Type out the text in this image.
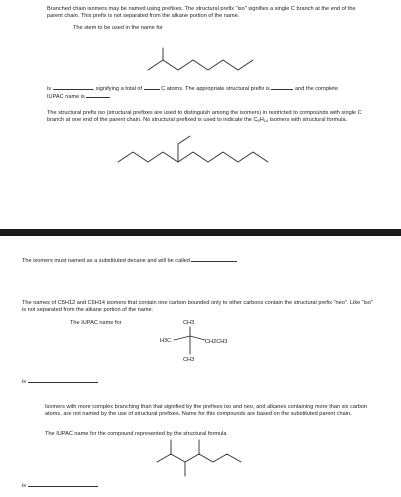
Branched chain isomers may be named using prefixes. The structural prefix "iso" signifies a single C branch at the end of the parent chain. This prefix is not separated from the alkane portion of the name.
The stem to be used in the name for
is	, signifying a total of	C atoms. The appropriate structural prefix is	and the complete
IUPAC name is
The structural prefix iso (structural prefixes are used to distinguish among the isomers) in restricted to compounds with single C branch at one end of the parent chain. No structural prefixed is used to indicate the $C_6H_{14}$ isomers with structural formula.
The isomers must named as a substituted decane and will be called
The names of C5H12 and C6H14 isomers that contain one carbon bounded only to other carbons contain the structural prefix "neo". Like "iso" is not separated from the alkane portion of the name.
The IUPAC name for	CH3
H3C	CH2CH3
CH3
is
Isomers with more complex branching than that signified by the prefixes iso and neo, and alkanes containing more than six carbon atoms, are not named by the use of structural prefixes. Name for this compounds are based on the substituted parent chain.
The IUPAC name for the compound represented by the structural formula
is
